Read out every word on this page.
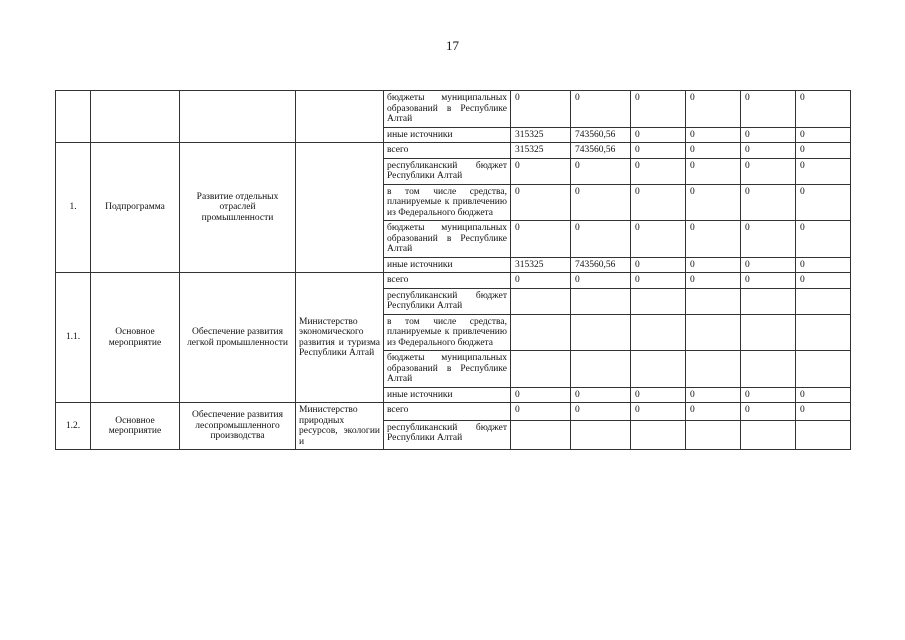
17
				бюджеты муниципальных образований в Республике Алтай	0	0	0	0	0	0
				иные источники	315325	743560,56	0	0	0	0
1.	Подпрограмма	Развитие отдельных отраслей промышленности		всего	315325	743560,56	0	0	0	0
				республиканский бюджет Республики Алтай	0	0	0	0	0	0
				в том числе средства, планируемые к привлечению из Федерального бюджета	0	0	0	0	0	0
				бюджеты муниципальных образований в Республике Алтай	0	0	0	0	0	0
				иные источники	315325	743560,56	0	0	0	0
1.1.	Основное мероприятие	Обеспечение развития легкой промышленности	Министерство экономического развития и туризма Республики Алтай	всего	0	0	0	0	0	0
				республиканский бюджет Республики Алтай						
				в том числе средства, планируемые к привлечению из Федерального бюджета						
				бюджеты муниципальных образований в Республике Алтай						
				иные источники	0	0	0	0	0	0
1.2.	Основное мероприятие	Обеспечение развития лесопромышленного производства	Министерство природных ресурсов, экологии и	всего	0	0	0	0	0	0
				республиканский бюджет Республики Алтай						
